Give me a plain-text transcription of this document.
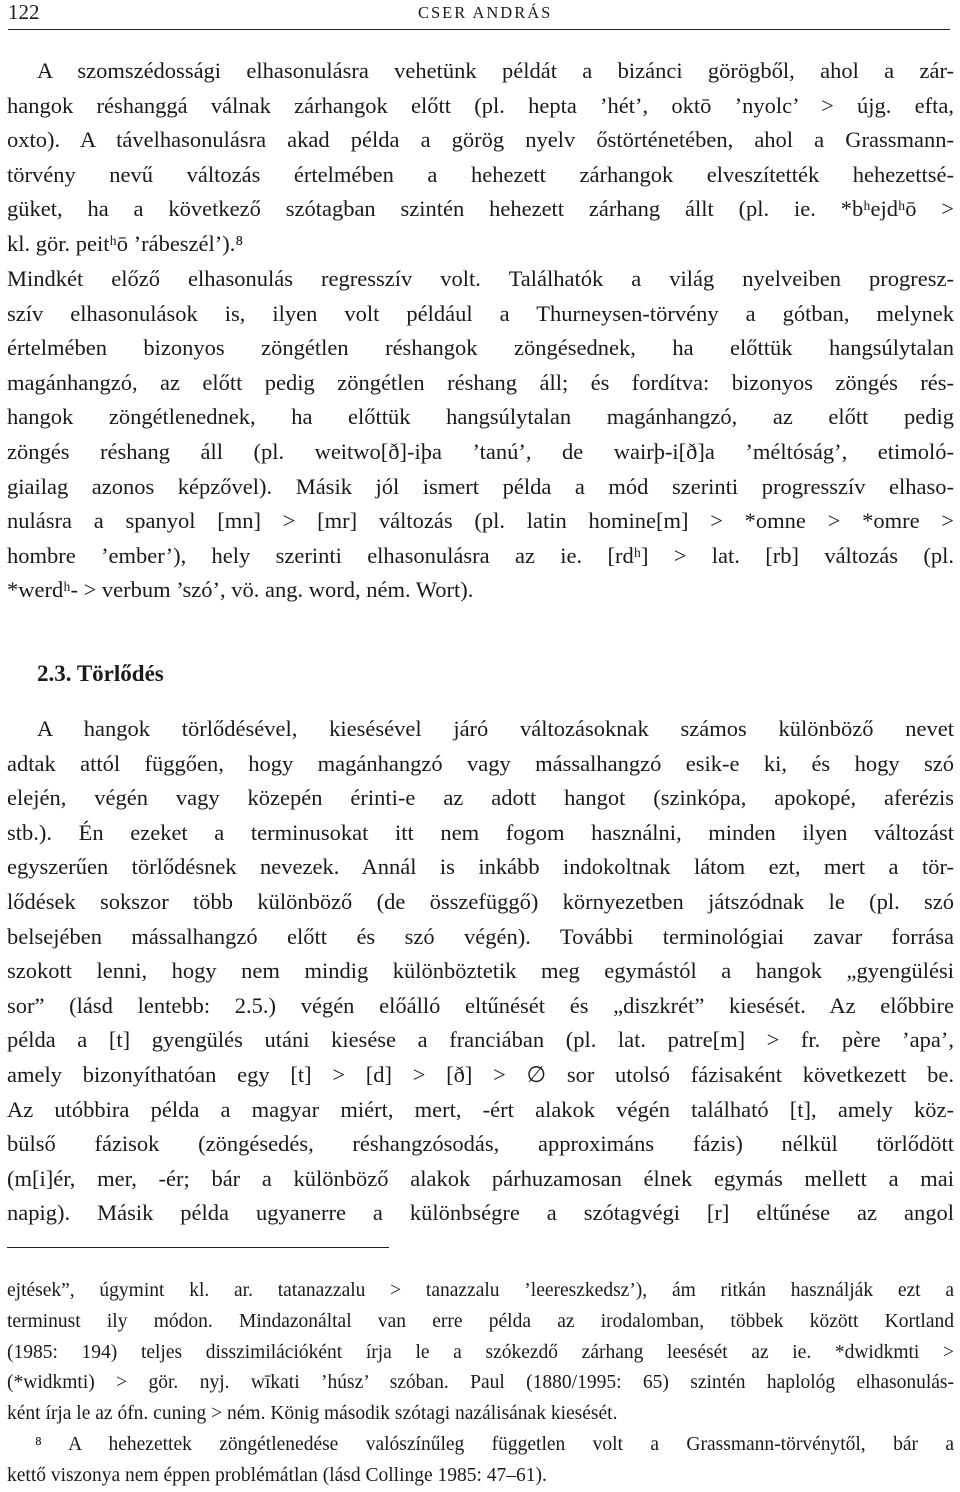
122	CSER ANDRÁS
A szomszédossági elhasonulásra vehetünk példát a bizánci görögből, ahol a zár-
hangok réshanggá válnak zárhangok előtt (pl. hepta ’hét’, oktō ’nyolc’ > újg. efta,
oxto). A távelhasonulásra akad példa a görög nyelv őstörténetében, ahol a Grassmann-
törvény nevű változás értelmében a hehezett zárhangok elveszítették hehezettsé-
güket, ha a következő szótagban szintén hehezett zárhang állt (pl. ie. *bʰejdʰō >
kl. gör. peitʰō ’rábeszél’).⁸
Mindkét előző elhasonulás regresszív volt. Találhatók a világ nyelveiben progresz-
szív elhasonulások is, ilyen volt például a Thurneysen-törvény a gótban, melynek
értelmében bizonyos zöngétlen réshangok zöngésednek, ha előttük hangsúlytalan
magánhangzó, az előtt pedig zöngétlen réshang áll; és fordítva: bizonyos zöngés rés-
hangok zöngétlenednek, ha előttük hangsúlytalan magánhangzó, az előtt pedig
zöngés réshang áll (pl. weitwo[ð]-iþa ’tanú’, de wairþ-i[ð]a ’méltóság’, etimoló-
giailag azonos képzővel). Másik jól ismert példa a mód szerinti progresszív elhaso-
nulásra a spanyol [mn] > [mr] változás (pl. latin homine[m] > *omne > *omre >
hombre ’ember’), hely szerinti elhasonulásra az ie. [rdʰ] > lat. [rb] változás (pl.
*werdʰ- > verbum ’szó’, vö. ang. word, ném. Wort).
2.3. Törlődés
A hangok törlődésével, kiesésével járó változásoknak számos különböző nevet
adtak attól függően, hogy magánhangzó vagy mássalhangzó esik-e ki, és hogy szó
elején, végén vagy közepén érinti-e az adott hangot (szinkópa, apokopé, aferézis
stb.). Én ezeket a terminusokat itt nem fogom használni, minden ilyen változást
egyszerűen törlődésnek nevezek. Annál is inkább indokoltnak látom ezt, mert a tör-
lődések sokszor több különböző (de összefüggő) környezetben játszódnak le (pl. szó
belsejében mássalhangzó előtt és szó végén). További terminológiai zavar forrása
szokott lenni, hogy nem mindig különböztetik meg egymástól a hangok „gyengülési
sor” (lásd lentebb: 2.5.) végén előálló eltűnését és „diszkrét” kiesését. Az előbbire
példa a [t] gyengülés utáni kiesése a franciában (pl. lat. patre[m] > fr. père ’apa’,
amely bizonyíthatóan egy [t] > [d] > [ð] > ∅ sor utolsó fázisaként következett be.
Az utóbbira példa a magyar miért, mert, -ért alakok végén található [t], amely köz-
bülső fázisok (zöngésedés, réshangzósodás, approximáns fázis) nélkül törlődött
(m[i]ér, mer, -ér; bár a különböző alakok párhuzamosan élnek egymás mellett a mai
napig). Másik példa ugyanerre a különbségre a szótagvégi [r] eltűnése az angol
ejtések”, úgymint kl. ar. tatanazzalu > tanazzalu ’leereszkedsz’), ám ritkán használják ezt a
terminust ily módon. Mindazonáltal van erre példa az irodalomban, többek között Kortland
(1985: 194) teljes disszimilációként írja le a szókezdő zárhang leesését az ie. *dwidkmti >
(*widkmti) > gör. nyj. wīkati ’húsz’ szóban. Paul (1880/1995: 65) szintén haplológ elhasonulás-
ként írja le az ófn. cuning > ném. König második szótagi nazálisának kiesését.
⁸ A hehezettek zöngétlenedése valószínűleg független volt a Grassmann-törvénytől, bár a
kettő viszonya nem éppen problémátlan (lásd Collinge 1985: 47–61).
